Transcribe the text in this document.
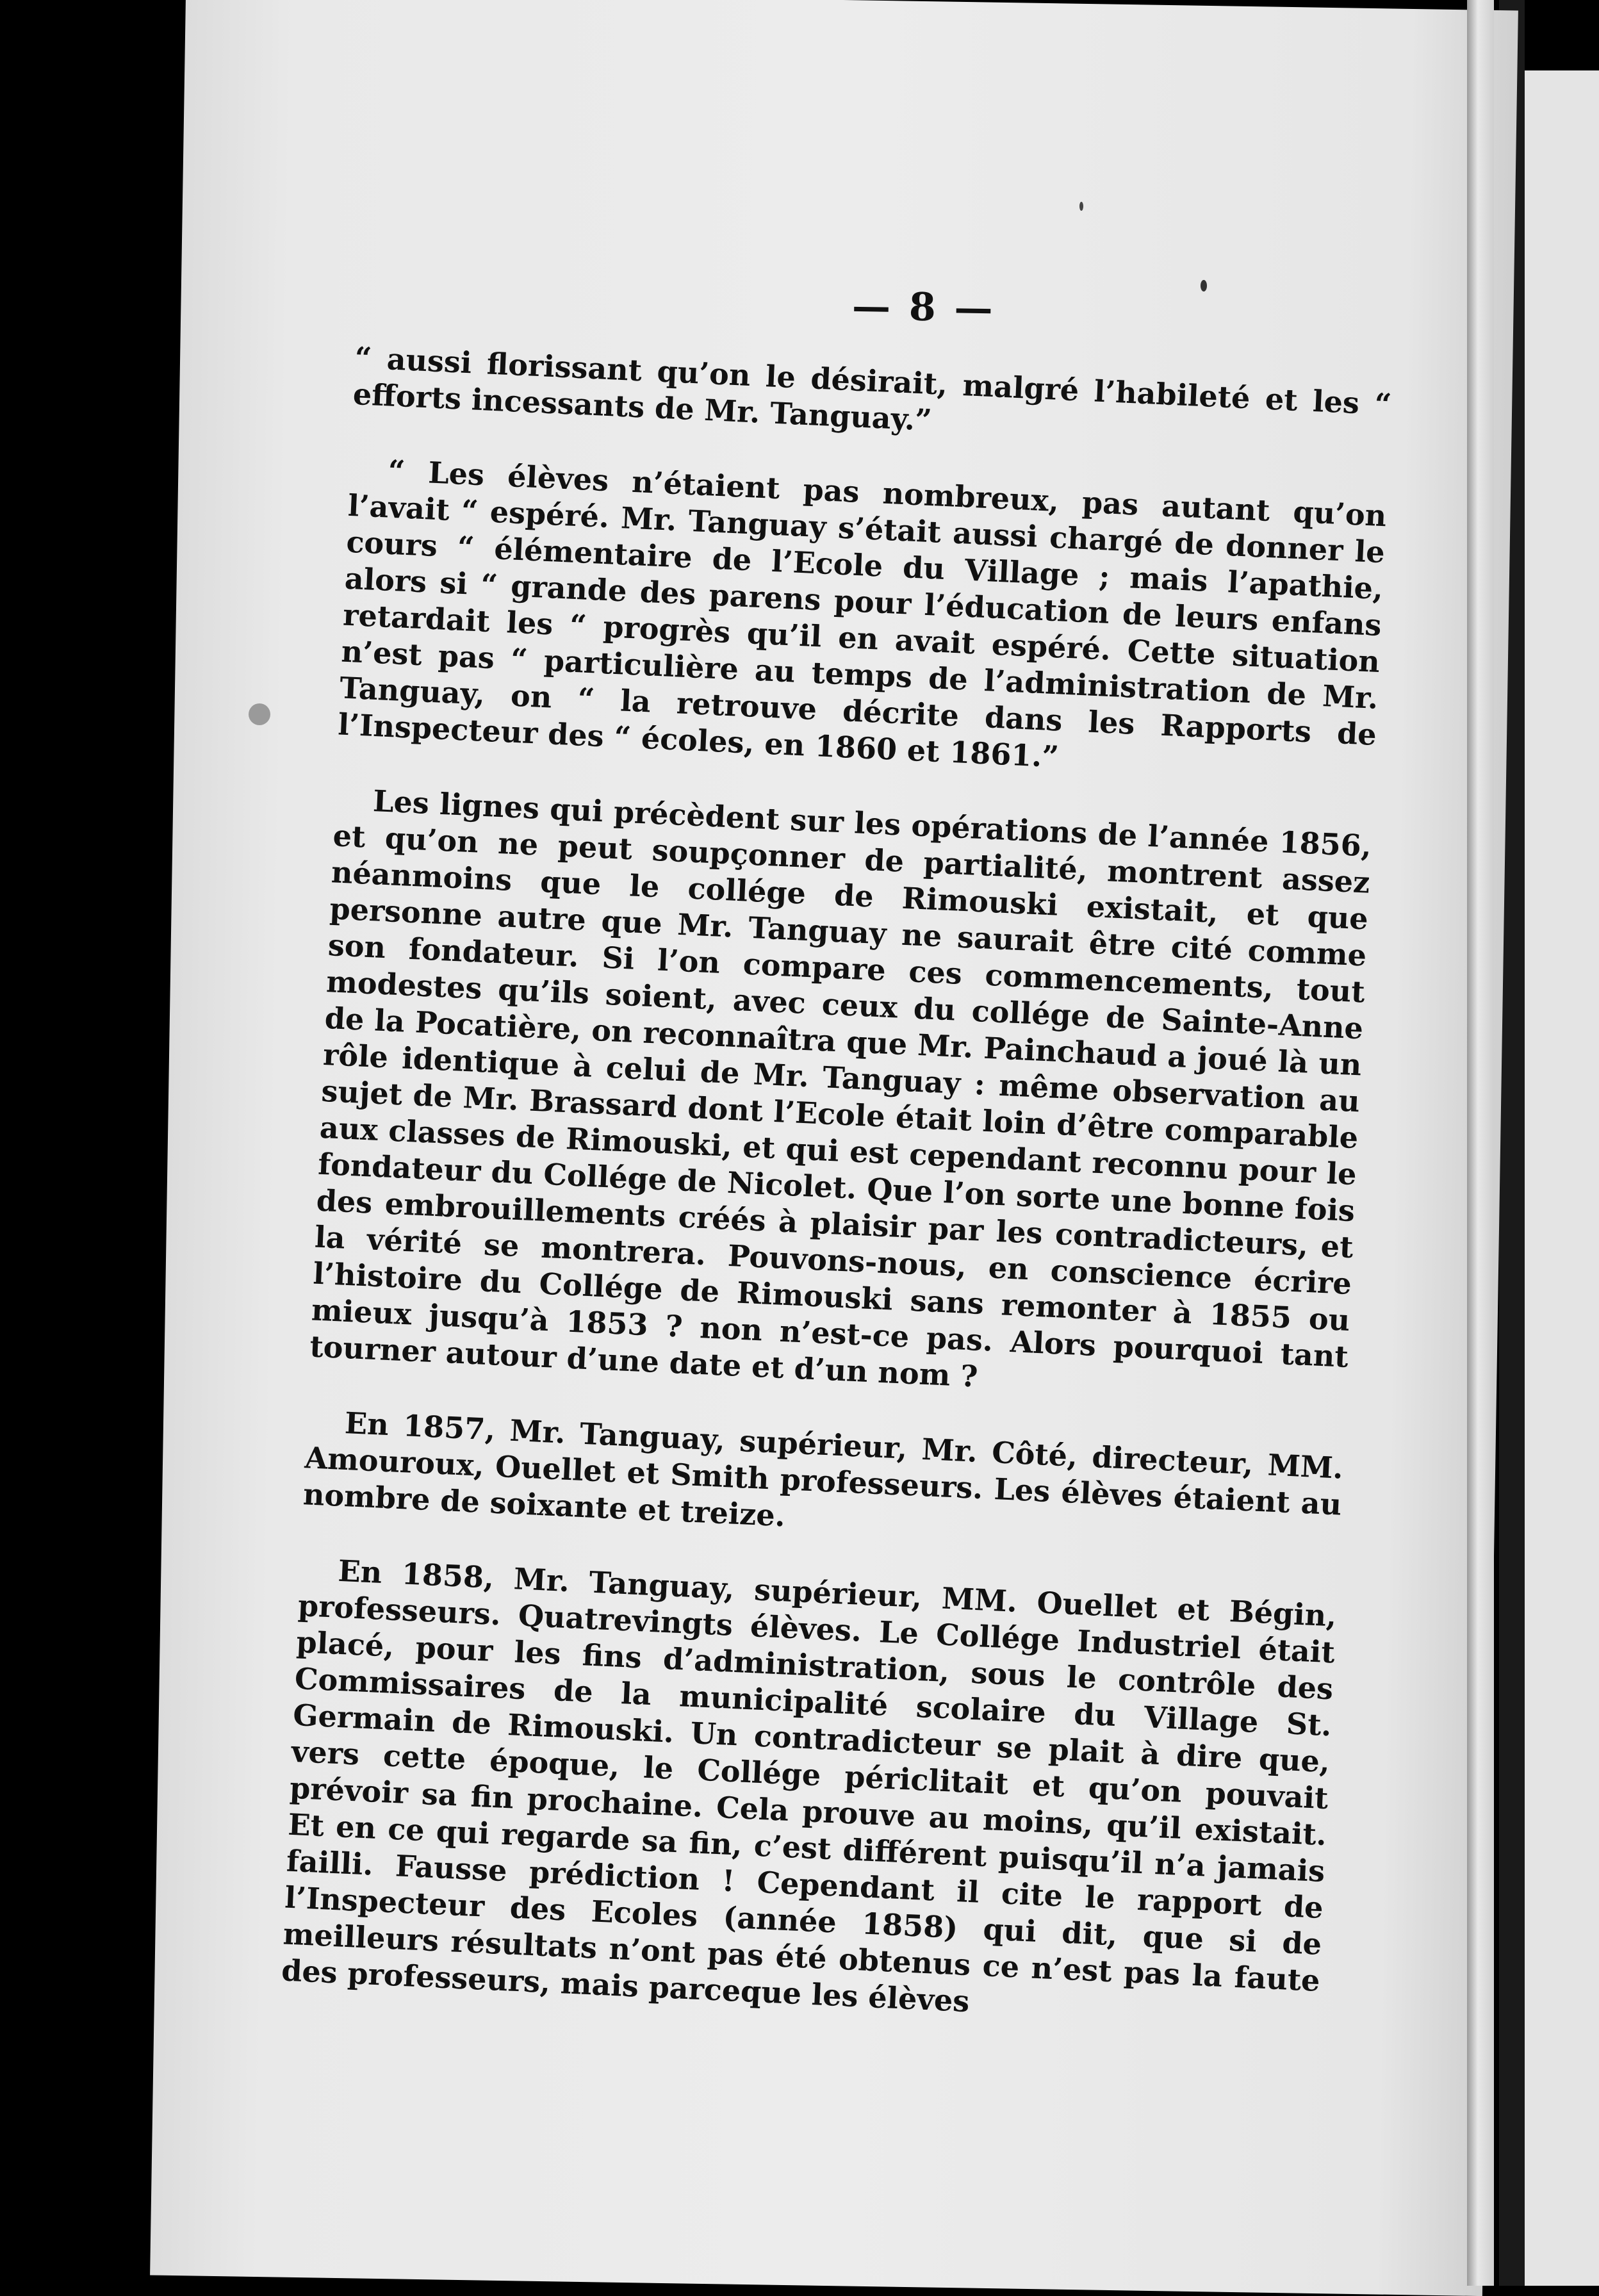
— 8 —

“ aussi florissant qu’on le désirait, malgré l’habileté et les “ efforts incessants de Mr. Tanguay.”

“ Les élèves n’étaient pas nombreux, pas autant qu’on l’avait “ espéré. Mr. Tanguay s’était aussi chargé de donner le cours “ élémentaire de l’Ecole du Village ; mais l’apathie, alors si “ grande des parens pour l’éducation de leurs enfans retardait les “ progrès qu’il en avait espéré. Cette situation n’est pas “ particulière au temps de l’administration de Mr. Tanguay, on “ la retrouve décrite dans les Rapports de l’Inspecteur des “ écoles, en 1860 et 1861.”

Les lignes qui précèdent sur les opérations de l’année 1856, et qu’on ne peut soupçonner de partialité, montrent assez néanmoins que le collége de Rimouski existait, et que personne autre que Mr. Tanguay ne saurait être cité comme son fondateur. Si l’on compare ces commencements, tout modestes qu’ils soient, avec ceux du collége de Sainte-Anne de la Pocatière, on reconnaîtra que Mr. Painchaud a joué là un rôle identique à celui de Mr. Tanguay : même observation au sujet de Mr. Brassard dont l’Ecole était loin d’être comparable aux classes de Rimouski, et qui est cependant reconnu pour le fondateur du Collége de Nicolet. Que l’on sorte une bonne fois des embrouillements créés à plaisir par les contradicteurs, et la vérité se montrera. Pouvons-nous, en conscience écrire l’histoire du Collége de Rimouski sans remonter à 1855 ou mieux jusqu’à 1853 ? non n’est-ce pas. Alors pourquoi tant tourner autour d’une date et d’un nom ?

En 1857, Mr. Tanguay, supérieur, Mr. Côté, directeur, MM. Amouroux, Ouellet et Smith professeurs. Les élèves étaient au nombre de soixante et treize.

En 1858, Mr. Tanguay, supérieur, MM. Ouellet et Bégin, professeurs. Quatrevingts élèves. Le Collége Industriel était placé, pour les fins d’administration, sous le contrôle des Commissaires de la municipalité scolaire du Village St. Germain de Rimouski. Un contradicteur se plait à dire que, vers cette époque, le Collége périclitait et qu’on pouvait prévoir sa fin prochaine. Cela prouve au moins, qu’il existait. Et en ce qui regarde sa fin, c’est différent puisqu’il n’a jamais failli. Fausse prédiction ! Cependant il cite le rapport de l’Inspecteur des Ecoles (année 1858) qui dit, que si de meilleurs résultats n’ont pas été obtenus ce n’est pas la faute des professeurs, mais parceque les élèves
